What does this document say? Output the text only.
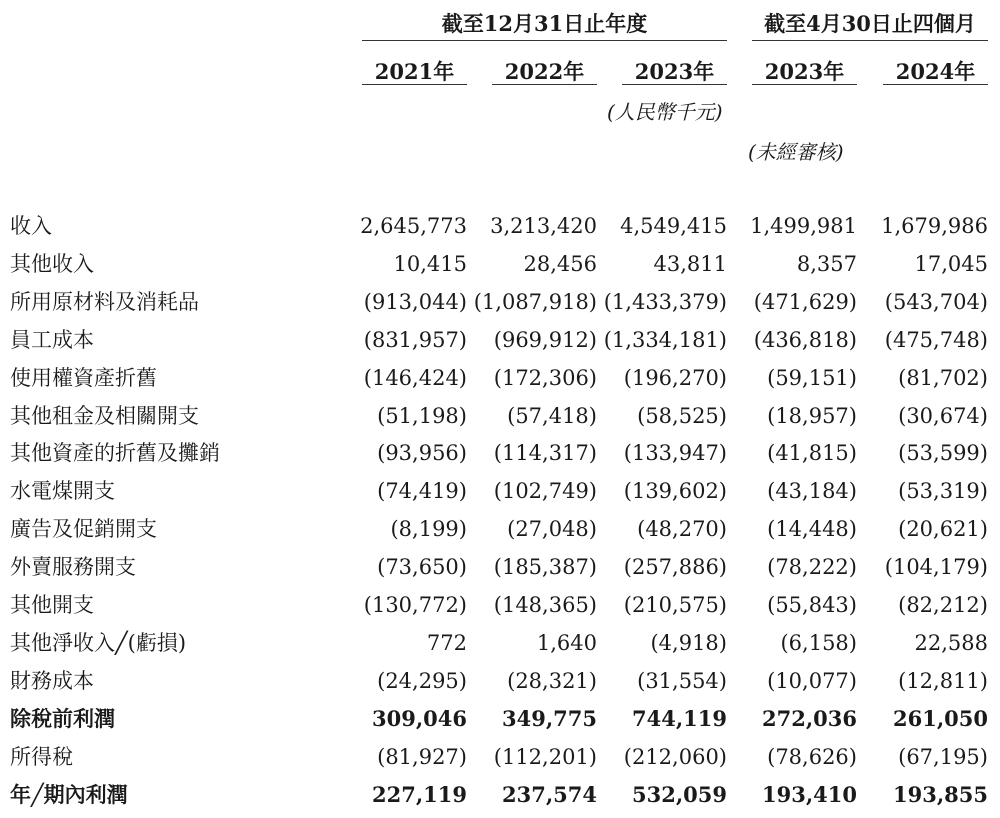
截至12月31日止年度	截至4月30日止四個月
2021年	2022年	2023年	2023年	2024年
(人民幣千元)
(未經審核)
收入	2,645,773 3,213,420 4,549,415 1,499,981 1,679,986
其他收入	10,415	28,456	43,811	8,357	17,045
所用原材料及消耗品	(913,044) (1,087,918) (1,433,379) (471,629) (543,704)
員工成本	(831,957) (969,912) (1,334,181) (436,818) (475,748)
使用權資產折舊	(146,424) (172,306) (196,270) (59,151) (81,702)
其他租金及相關開支	(51,198) (57,418) (58,525) (18,957) (30,674)
其他資產的折舊及攤銷	(93,956) (114,317) (133,947) (41,815) (53,599)
水電煤開支	(74,419) (102,749) (139,602) (43,184) (53,319)
廣告及促銷開支	(8,199) (27,048) (48,270) (14,448) (20,621)
外賣服務開支	(73,650) (185,387) (257,886) (78,222) (104,179)
其他開支	(130,772) (148,365) (210,575) (55,843) (82,212)
其他淨收入╱(虧損)	772	1,640	(4,918)	(6,158)	22,588
財務成本	(24,295) (28,321) (31,554) (10,077) (12,811)
除稅前利潤	309,046 349,775 744,119 272,036 261,050
所得稅	(81,927) (112,201) (212,060) (78,626) (67,195)
年╱期內利潤	227,119 237,574 532,059 193,410 193,855
